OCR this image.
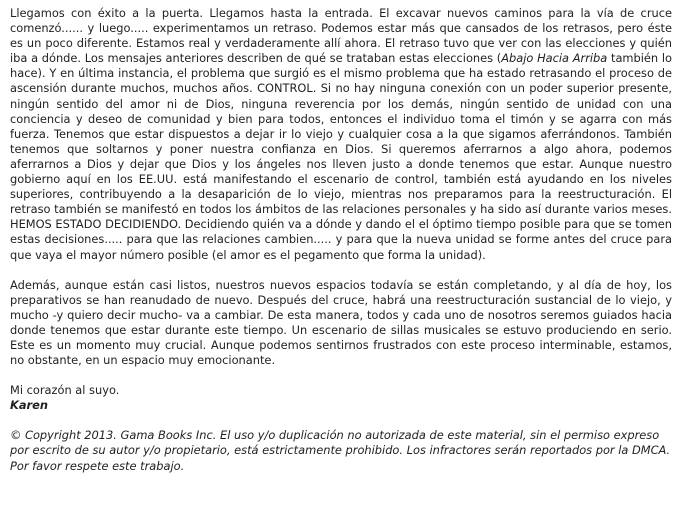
Llegamos con éxito a la puerta. Llegamos hasta la entrada. El excavar nuevos caminos para la vía de cruce comenzó...... y luego..... experimentamos un retraso. Podemos estar más que cansados de los retrasos, pero éste es un poco diferente. Estamos real y verdaderamente allí ahora. El retraso tuvo que ver con las elecciones y quién iba a dónde. Los mensajes anteriores describen de qué se trataban estas elecciones (Abajo Hacia Arriba también lo hace). Y en última instancia, el problema que surgió es el mismo problema que ha estado retrasando el proceso de ascensión durante muchos, muchos años. CONTROL. Si no hay ninguna conexión con un poder superior presente, ningún sentido del amor ni de Dios, ninguna reverencia por los demás, ningún sentido de unidad con una conciencia y deseo de comunidad y bien para todos, entonces el individuo toma el timón y se agarra con más fuerza. Tenemos que estar dispuestos a dejar ir lo viejo y cualquier cosa a la que sigamos aferrándonos. También tenemos que soltarnos y poner nuestra confianza en Dios. Si queremos aferrarnos a algo ahora, podemos aferrarnos a Dios y dejar que Dios y los ángeles nos lleven justo a donde tenemos que estar. Aunque nuestro gobierno aquí en los EE.UU. está manifestando el escenario de control, también está ayudando en los niveles superiores, contribuyendo a la desaparición de lo viejo, mientras nos preparamos para la reestructuración. El retraso también se manifestó en todos los ámbitos de las relaciones personales y ha sido así durante varios meses. HEMOS ESTADO DECIDIENDO. Decidiendo quién va a dónde y dando el el óptimo tiempo posible para que se tomen estas decisiones..... para que las relaciones cambien..... y para que la nueva unidad se forme antes del cruce para que vaya el mayor número posible (el amor es el pegamento que forma la unidad).

Además, aunque están casi listos, nuestros nuevos espacios todavía se están completando, y al día de hoy, los preparativos se han reanudado de nuevo. Después del cruce, habrá una reestructuración sustancial de lo viejo, y mucho -y quiero decir mucho- va a cambiar. De esta manera, todos y cada uno de nosotros seremos guiados hacia donde tenemos que estar durante este tiempo. Un escenario de sillas musicales se estuvo produciendo en serio. Este es un momento muy crucial. Aunque podemos sentirnos frustrados con este proceso interminable, estamos, no obstante, en un espacio muy emocionante.

Mi corazón al suyo.

Karen

© Copyright 2013. Gama Books Inc. El uso y/o duplicación no autorizada de este material, sin el permiso expreso por escrito de su autor y/o propietario, está estrictamente prohibido. Los infractores serán reportados por la DMCA. Por favor respete este trabajo.
